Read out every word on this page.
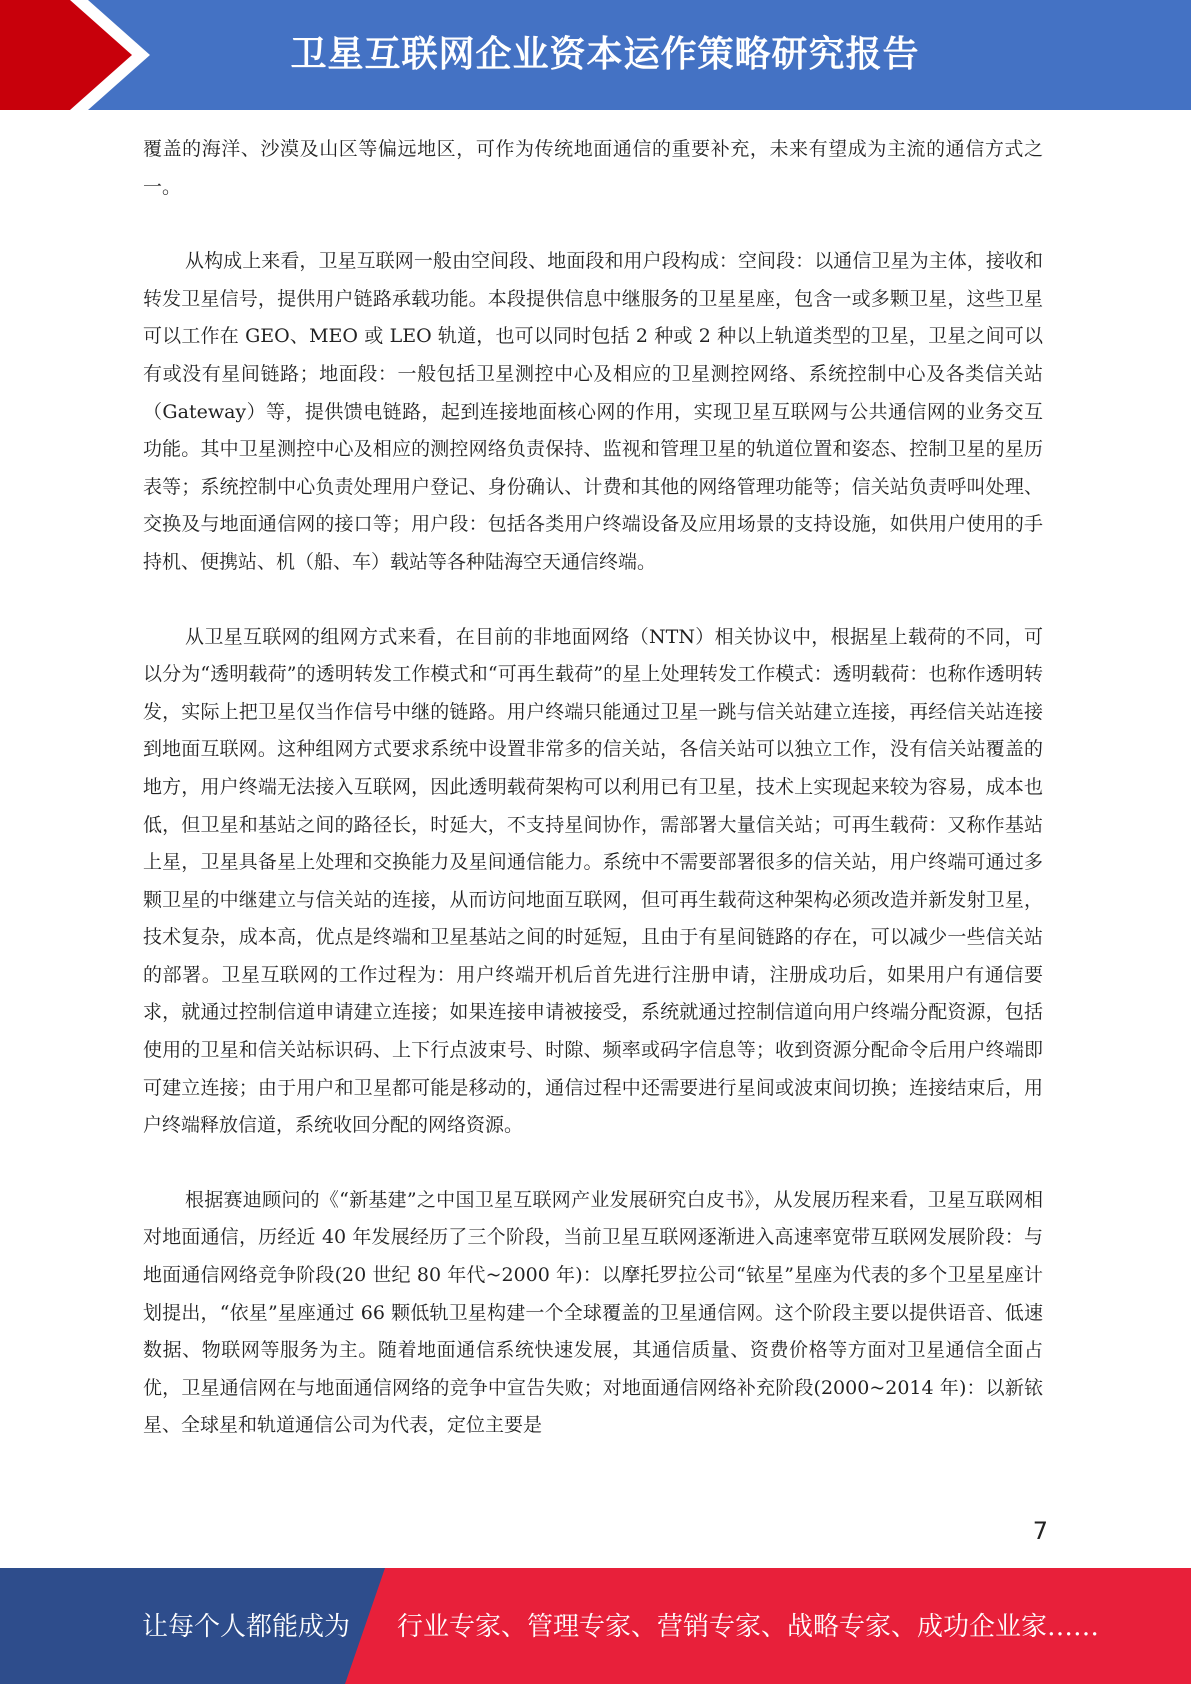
卫星互联网企业资本运作策略研究报告

覆盖的海洋、沙漠及山区等偏远地区，可作为传统地面通信的重要补充，未来有望成为主流的通信方式之一。

从构成上来看，卫星互联网一般由空间段、地面段和用户段构成：空间段：以通信卫星为主体，接收和转发卫星信号，提供用户链路承载功能。本段提供信息中继服务的卫星星座，包含一或多颗卫星，这些卫星可以工作在 GEO、MEO 或 LEO 轨道，也可以同时包括 2 种或 2 种以上轨道类型的卫星，卫星之间可以有或没有星间链路；地面段：一般包括卫星测控中心及相应的卫星测控网络、系统控制中心及各类信关站（Gateway）等，提供馈电链路，起到连接地面核心网的作用，实现卫星互联网与公共通信网的业务交互功能。其中卫星测控中心及相应的测控网络负责保持、监视和管理卫星的轨道位置和姿态、控制卫星的星历表等；系统控制中心负责处理用户登记、身份确认、计费和其他的网络管理功能等；信关站负责呼叫处理、交换及与地面通信网的接口等；用户段：包括各类用户终端设备及应用场景的支持设施，如供用户使用的手持机、便携站、机（船、车）载站等各种陆海空天通信终端。

从卫星互联网的组网方式来看，在目前的非地面网络（NTN）相关协议中，根据星上载荷的不同，可以分为“透明载荷”的透明转发工作模式和“可再生载荷”的星上处理转发工作模式：透明载荷：也称作透明转发，实际上把卫星仅当作信号中继的链路。用户终端只能通过卫星一跳与信关站建立连接，再经信关站连接到地面互联网。这种组网方式要求系统中设置非常多的信关站，各信关站可以独立工作，没有信关站覆盖的地方，用户终端无法接入互联网，因此透明载荷架构可以利用已有卫星，技术上实现起来较为容易，成本也低，但卫星和基站之间的路径长，时延大，不支持星间协作，需部署大量信关站；可再生载荷：又称作基站上星，卫星具备星上处理和交换能力及星间通信能力。系统中不需要部署很多的信关站，用户终端可通过多颗卫星的中继建立与信关站的连接，从而访问地面互联网，但可再生载荷这种架构必须改造并新发射卫星，技术复杂，成本高，优点是终端和卫星基站之间的时延短，且由于有星间链路的存在，可以减少一些信关站的部署。卫星互联网的工作过程为：用户终端开机后首先进行注册申请，注册成功后，如果用户有通信要求，就通过控制信道申请建立连接；如果连接申请被接受，系统就通过控制信道向用户终端分配资源，包括使用的卫星和信关站标识码、上下行点波束号、时隙、频率或码字信息等；收到资源分配命令后用户终端即可建立连接；由于用户和卫星都可能是移动的，通信过程中还需要进行星间或波束间切换；连接结束后，用户终端释放信道，系统收回分配的网络资源。

根据赛迪顾问的《“新基建”之中国卫星互联网产业发展研究白皮书》，从发展历程来看，卫星互联网相对地面通信，历经近 40 年发展经历了三个阶段，当前卫星互联网逐渐进入高速率宽带互联网发展阶段：与地面通信网络竞争阶段(20 世纪 80 年代~2000 年)：以摩托罗拉公司“铱星”星座为代表的多个卫星星座计划提出，“依星”星座通过 66 颗低轨卫星构建一个全球覆盖的卫星通信网。这个阶段主要以提供语音、低速数据、物联网等服务为主。随着地面通信系统快速发展，其通信质量、资费价格等方面对卫星通信全面占优，卫星通信网在与地面通信网络的竞争中宣告失败；对地面通信网络补充阶段(2000~2014 年)：以新铱星、全球星和轨道通信公司为代表，定位主要是

7
让每个人都能成为 行业专家、管理专家、营销专家、战略专家、成功企业家……
